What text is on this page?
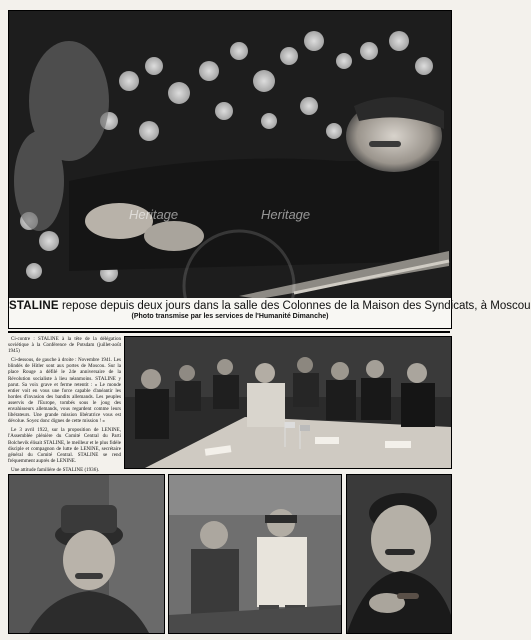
Heritage	Heritage
STALINE repose depuis deux jours dans la salle des Colonnes de la Maison des Syndicats, à Moscou
(Photo transmise par les services de l'Humanité Dimanche)

Ci-contre : STALINE à la tête de la délégation soviétique à la Conférence de Potsdam (juillet-août 1945)

Ci-dessous, de gauche à droite : Novembre 1941. Les blindés de Hitler sont aux portes de Moscou. Sur la place Rouge a défilé le 24e anniversaire de la Révolution socialiste à lieu néanmoins. STALINE y parut. Sa voix grave et ferme retentit : « Le monde entier voit en vous une force capable d'anéantir les hordes d'invasion des bandits allemands. Les peuples asservis de l'Europe, tombés sous le joug des envahisseurs allemands, vous regardent comme leurs libérateurs. Une grande mission libératrice vous est dévolue. Soyez donc dignes de cette mission ! »

Le 3 avril 1922, sur la proposition de LENINE, l'Assemblée plénière du Comité Central du Parti Bolchevik élisait STALINE, le meilleur et le plus fidèle disciple et compagnon de lutte de LENINE, secrétaire général du Comité Central. STALINE se rend fréquemment auprès de LENINE.

Une attitude familière de STALINE (1936).
